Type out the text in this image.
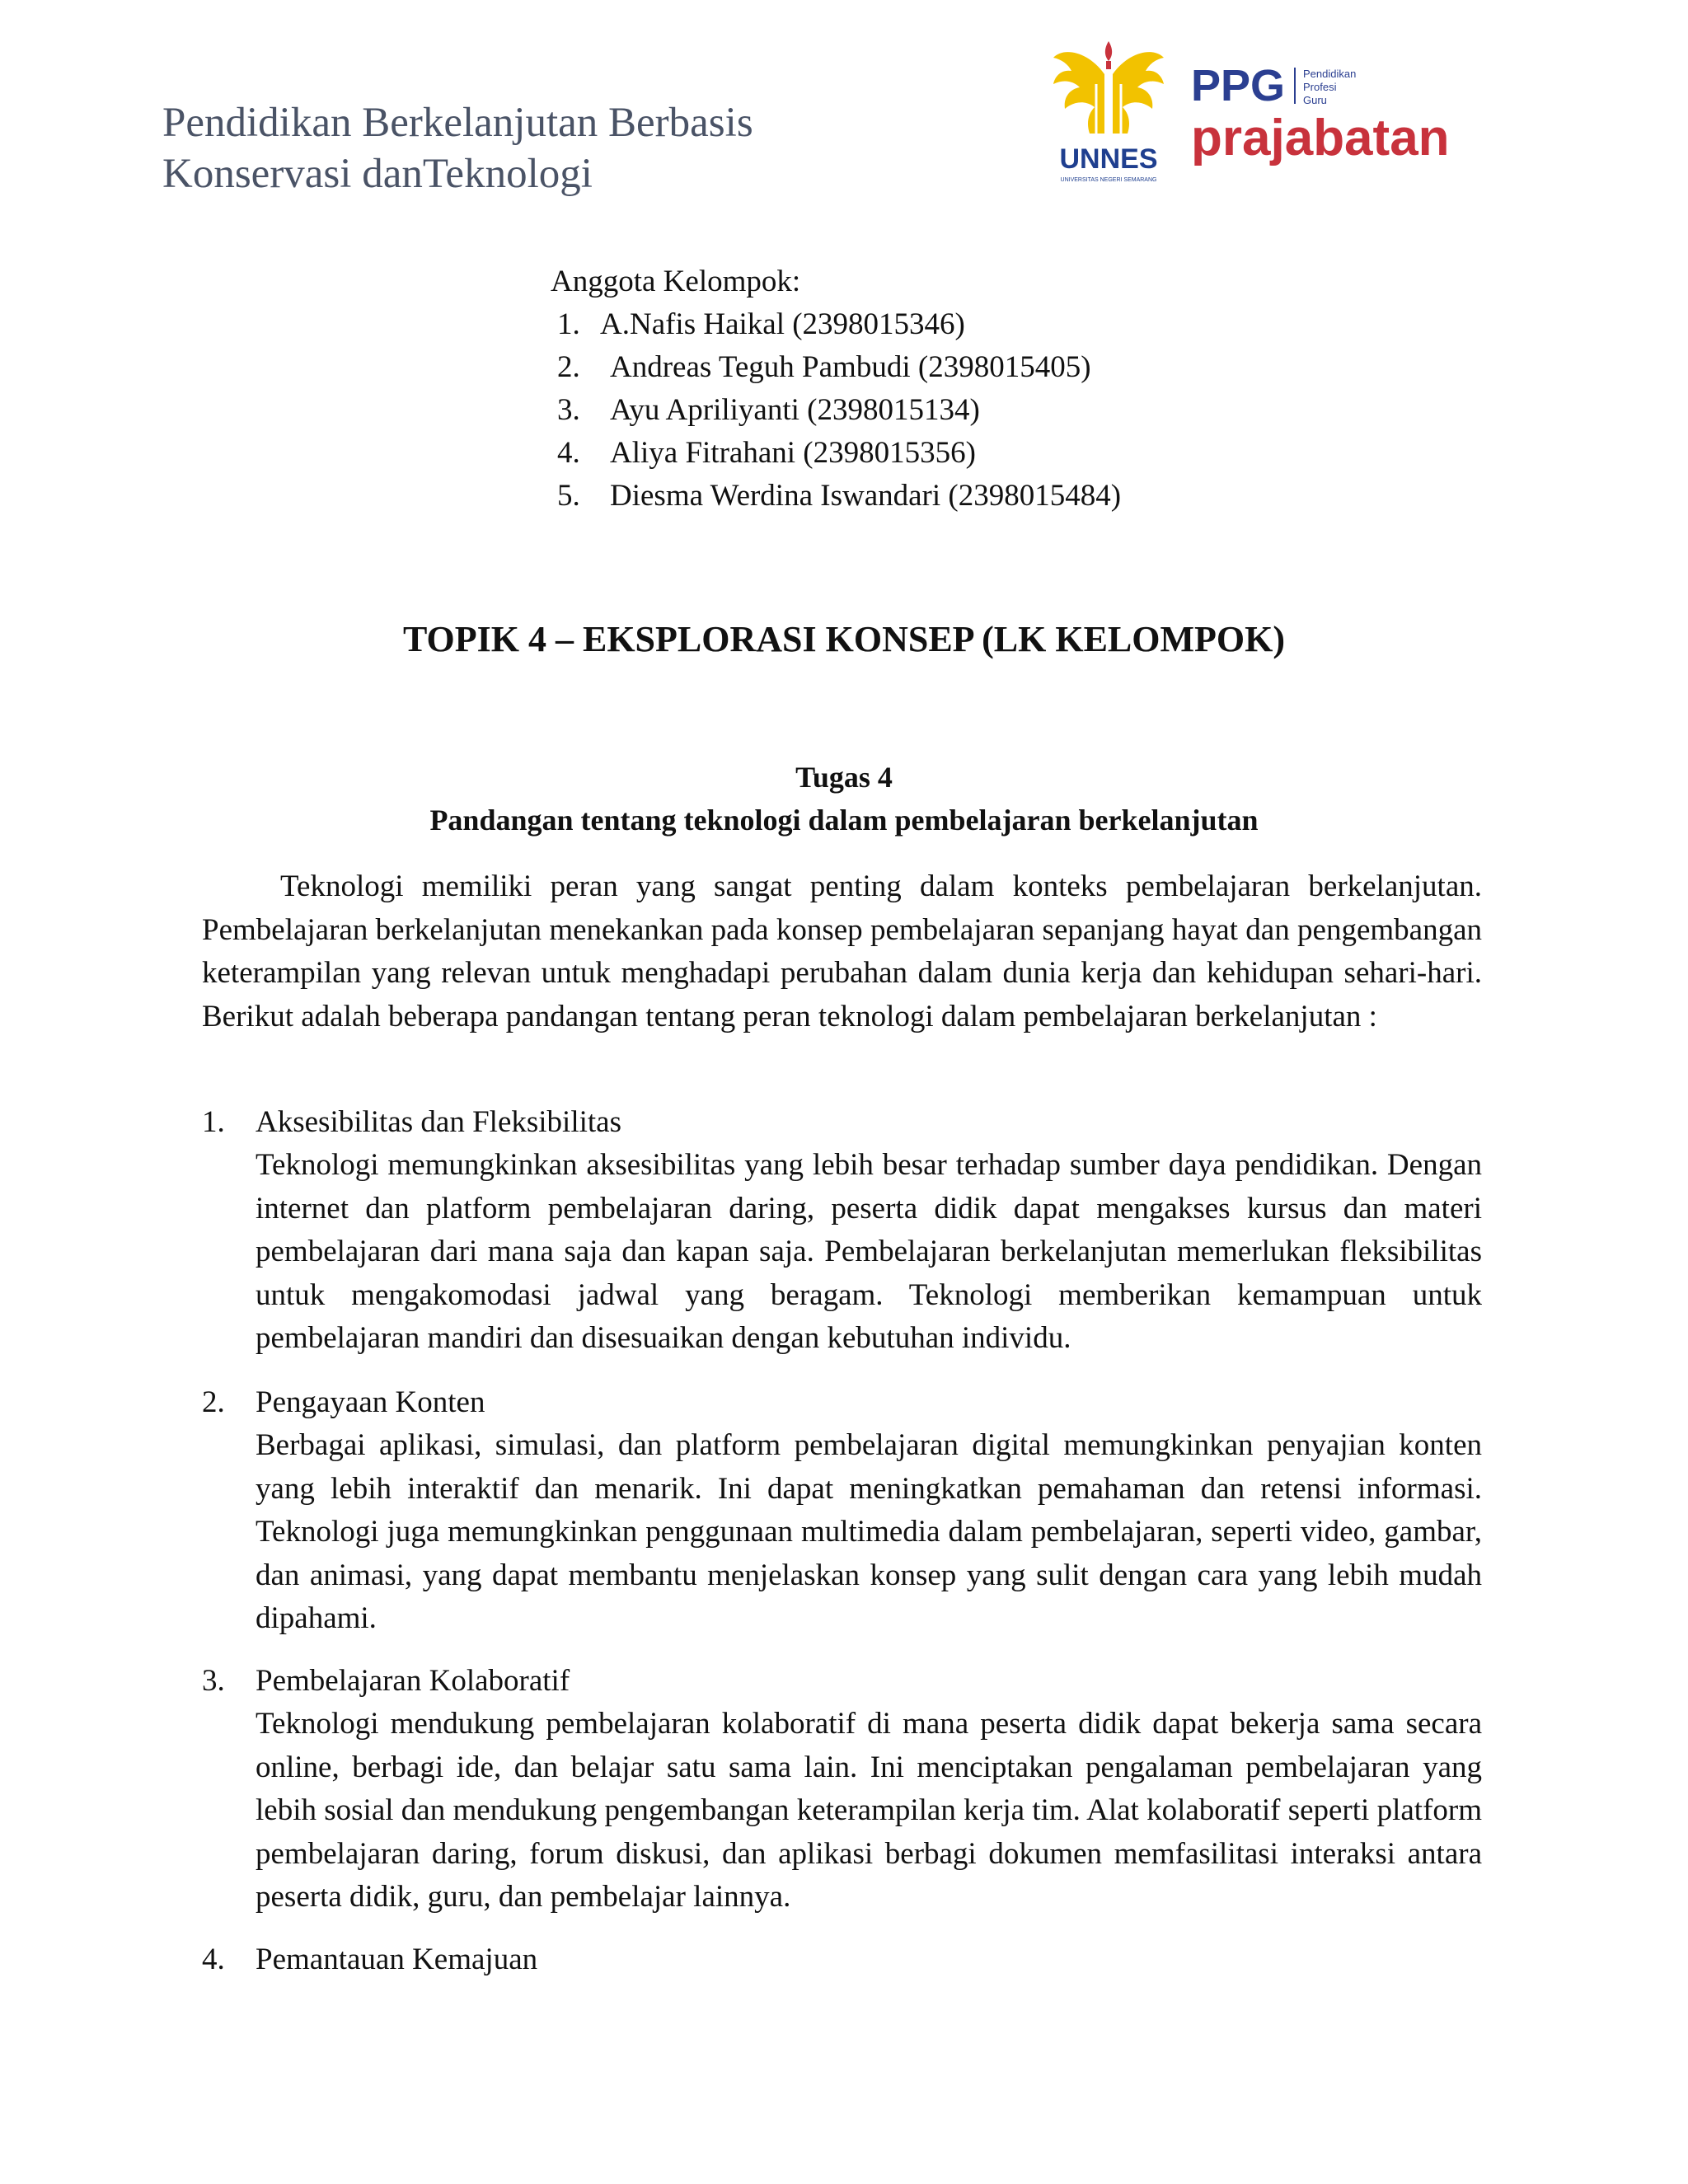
Pendidikan Berkelanjutan Berbasis
Konservasi danTeknologi	UNNES
UNIVERSITAS NEGERI SEMARANG
PPG Pendidikan
Profesi
Guru
prajabatan
Anggota Kelompok:
1. A.Nafis Haikal (2398015346)
2. Andreas Teguh Pambudi (2398015405)
3. Ayu Apriliyanti (2398015134)
4. Aliya Fitrahani (2398015356)
5. Diesma Werdina Iswandari (2398015484)
TOPIK 4 – EKSPLORASI KONSEP (LK KELOMPOK)
Tugas 4
Pandangan tentang teknologi dalam pembelajaran berkelanjutan

Teknologi memiliki peran yang sangat penting dalam konteks pembelajaran berkelanjutan. Pembelajaran berkelanjutan menekankan pada konsep pembelajaran sepanjang hayat dan pengembangan keterampilan yang relevan untuk menghadapi perubahan dalam dunia kerja dan kehidupan sehari-hari. Berikut adalah beberapa pandangan tentang peran teknologi dalam pembelajaran berkelanjutan :

1. Aksesibilitas dan Fleksibilitas

Teknologi memungkinkan aksesibilitas yang lebih besar terhadap sumber daya pendidikan. Dengan internet dan platform pembelajaran daring, peserta didik dapat mengakses kursus dan materi pembelajaran dari mana saja dan kapan saja. Pembelajaran berkelanjutan memerlukan fleksibilitas untuk mengakomodasi jadwal yang beragam. Teknologi memberikan kemampuan untuk pembelajaran mandiri dan disesuaikan dengan kebutuhan individu.

2. Pengayaan Konten

Berbagai aplikasi, simulasi, dan platform pembelajaran digital memungkinkan penyajian konten yang lebih interaktif dan menarik. Ini dapat meningkatkan pemahaman dan retensi informasi. Teknologi juga memungkinkan penggunaan multimedia dalam pembelajaran, seperti video, gambar, dan animasi, yang dapat membantu menjelaskan konsep yang sulit dengan cara yang lebih mudah dipahami.

3. Pembelajaran Kolaboratif

Teknologi mendukung pembelajaran kolaboratif di mana peserta didik dapat bekerja sama secara online, berbagi ide, dan belajar satu sama lain. Ini menciptakan pengalaman pembelajaran yang lebih sosial dan mendukung pengembangan keterampilan kerja tim. Alat kolaboratif seperti platform pembelajaran daring, forum diskusi, dan aplikasi berbagi dokumen memfasilitasi interaksi antara peserta didik, guru, dan pembelajar lainnya.

4. Pemantauan Kemajuan
